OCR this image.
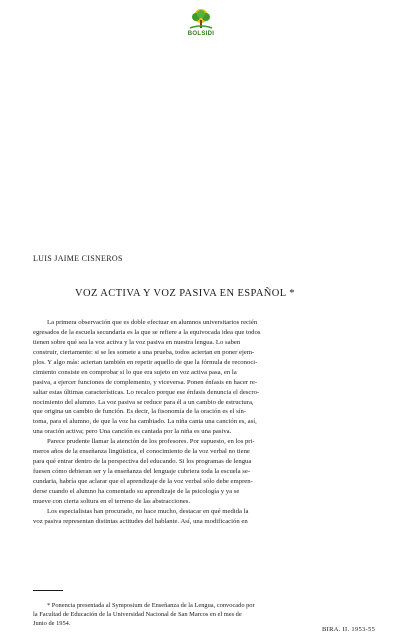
BOLSIDI
LUIS JAIME CISNEROS
VOZ ACTIVA Y VOZ PASIVA EN ESPAÑOL *
La primera observación que es doble efectuar en alumnos universitarios recién
egresados de la escuela secundaria es la que se refiere a la equivocada idea que todos
tienen sobre qué sea la voz activa y la voz pasiva en nuestra lengua. Lo saben
construir, ciertamente: si se les somete a una prueba, todos aciertan en poner ejem-
plos. Y algo más: aciertan también en repetir aquello de que la fórmula de reconoci-
cimiento consiste en comprobar si lo que era sujeto en voz activa pasa, en la
pasiva, a ejercer funciones de complemento, y viceversa. Ponen énfasis en hacer re-
saltar estas últimas características. Lo recalco porque ese énfasis denuncia el descro-
nocimiento del alumno. La voz pasiva se reduce para él a un cambio de estructura,
que origina un cambio de función. Es decir, la fisonomía de la oración es el sín-
toma, para el alumno, de que la voz ha cambiado. La niña canta una canción es, así,
una oración activa; pero Una canción es cantada por la niña es una pasiva.
Parece prudente llamar la atención de los profesores. Por supuesto, en los pri-
meros años de la enseñanza lingüística, el conocimiento de la voz verbal no tiene
para qué entrar dentro de la perspectiva del educando. Si los programas de lengua
fuesen cómo debieran ser y la enseñanza del lenguaje cubriera toda la escuela se-
cundaria, habría que aclarar que el aprendizaje de la voz verbal sólo debe empren-
derse cuando el alumno ha comentado su aprendizaje de la psicología y ya se
mueve con cierta soltura en el terreno de las abstracciones.
Los especialistas han procurado, no hace mucho, destacar en qué medida la
voz pasiva representan distintas actitudes del hablante. Así, una modificación en
* Ponencia presentada al Symposium de Enseñanza de la Lengua, convocado por
la Facultad de Educación de la Universidad Nacional de San Marcos en el mes de
Junio de 1954.
BIRA. II. 1953-55
